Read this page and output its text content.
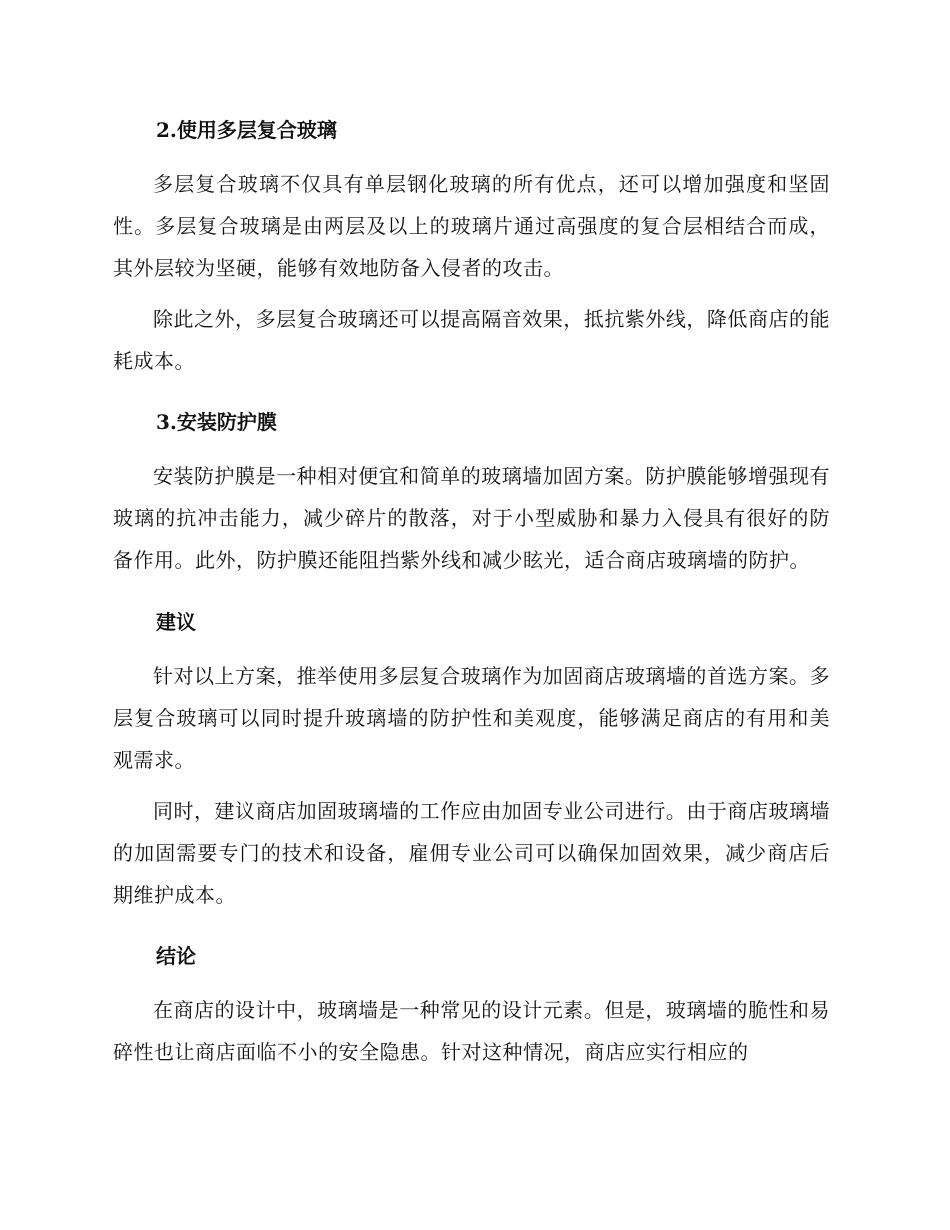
2.使用多层复合玻璃

多层复合玻璃不仅具有单层钢化玻璃的所有优点，还可以增加强度和坚固性。多层复合玻璃是由两层及以上的玻璃片通过高强度的复合层相结合而成，其外层较为坚硬，能够有效地防备入侵者的攻击。

除此之外，多层复合玻璃还可以提高隔音效果，抵抗紫外线，降低商店的能耗成本。

3.安装防护膜

安装防护膜是一种相对便宜和简单的玻璃墙加固方案。防护膜能够增强现有玻璃的抗冲击能力，减少碎片的散落，对于小型威胁和暴力入侵具有很好的防备作用。此外，防护膜还能阻挡紫外线和减少眩光，适合商店玻璃墙的防护。

建议

针对以上方案，推举使用多层复合玻璃作为加固商店玻璃墙的首选方案。多层复合玻璃可以同时提升玻璃墙的防护性和美观度，能够满足商店的有用和美观需求。

同时，建议商店加固玻璃墙的工作应由加固专业公司进行。由于商店玻璃墙的加固需要专门的技术和设备，雇佣专业公司可以确保加固效果，减少商店后期维护成本。

结论

在商店的设计中，玻璃墙是一种常见的设计元素。但是，玻璃墙的脆性和易碎性也让商店面临不小的安全隐患。针对这种情况，商店应实行相应的
